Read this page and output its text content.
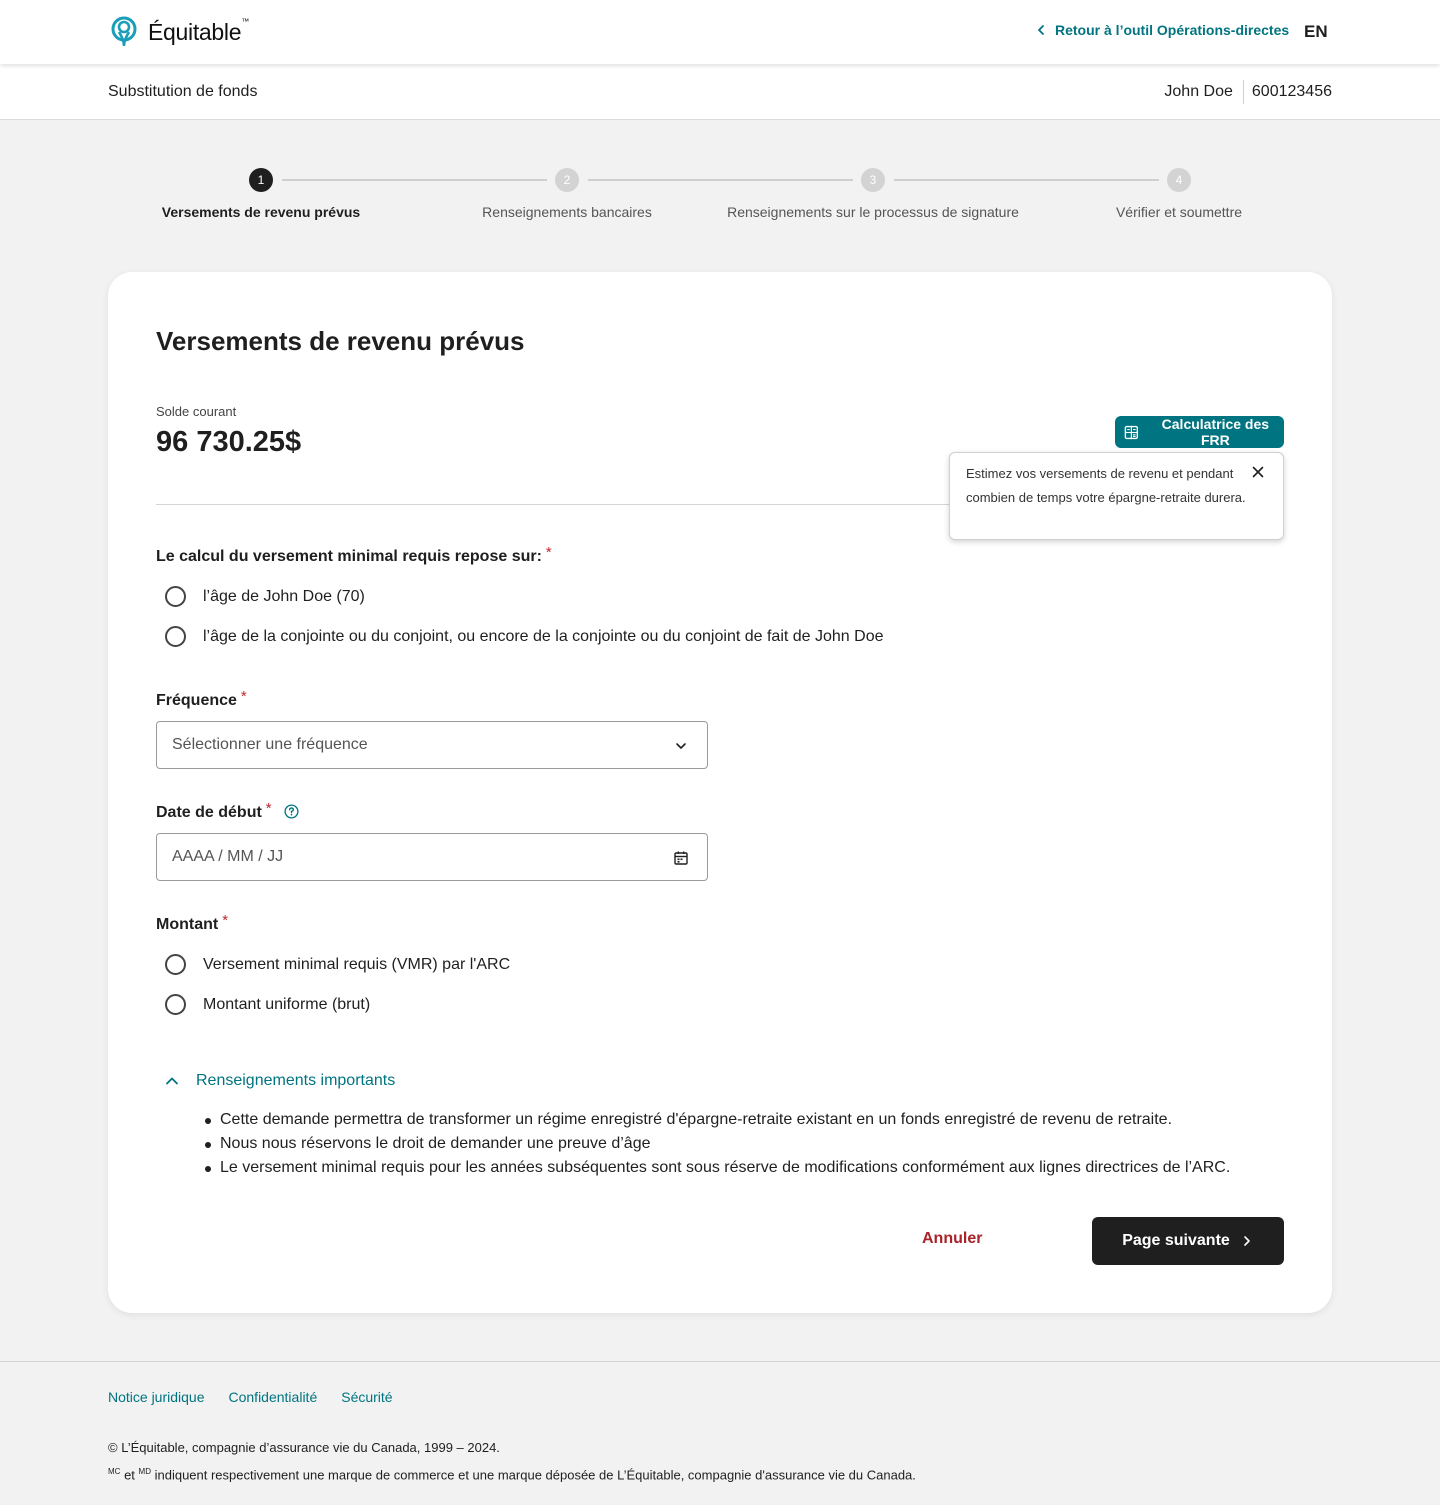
Équitable™
Retour à l’outil Opérations-directes EN
Substitution de fonds	John Doe 600123456
1
Versements de revenu prévus
2
Renseignements bancaires
3
Renseignements sur le processus de signature
4
Vérifier et soumettre
Versements de revenu prévus
Solde courant
96 730.25$
Calculatrice des FRR
Estimez vos versements de revenu et pendant combien de temps votre épargne-retraite durera.
Le calcul du versement minimal requis repose sur: *
l’âge de John Doe (70)
l’âge de la conjointe ou du conjoint, ou encore de la conjointe ou du conjoint de fait de John Doe
Fréquence *
Sélectionner une fréquence
Date de début *
AAAA / MM / JJ
Montant *
Versement minimal requis (VMR) par l'ARC
Montant uniforme (brut)
Renseignements importants
Cette demande permettra de transformer un régime enregistré d'épargne-retraite existant en un fonds enregistré de revenu de retraite.
Nous nous réservons le droit de demander une preuve d’âge
Le versement minimal requis pour les années subséquentes sont sous réserve de modifications conformément aux lignes directrices de l’ARC.
Annuler	Page suivante
Notice juridique Confidentialité Sécurité
© L’Équitable, compagnie d’assurance vie du Canada, 1999 – 2024.
$^{MC}$ et $^{MD}$ indiquent respectivement une marque de commerce et une marque déposée de L’Équitable, compagnie d'assurance vie du Canada.
